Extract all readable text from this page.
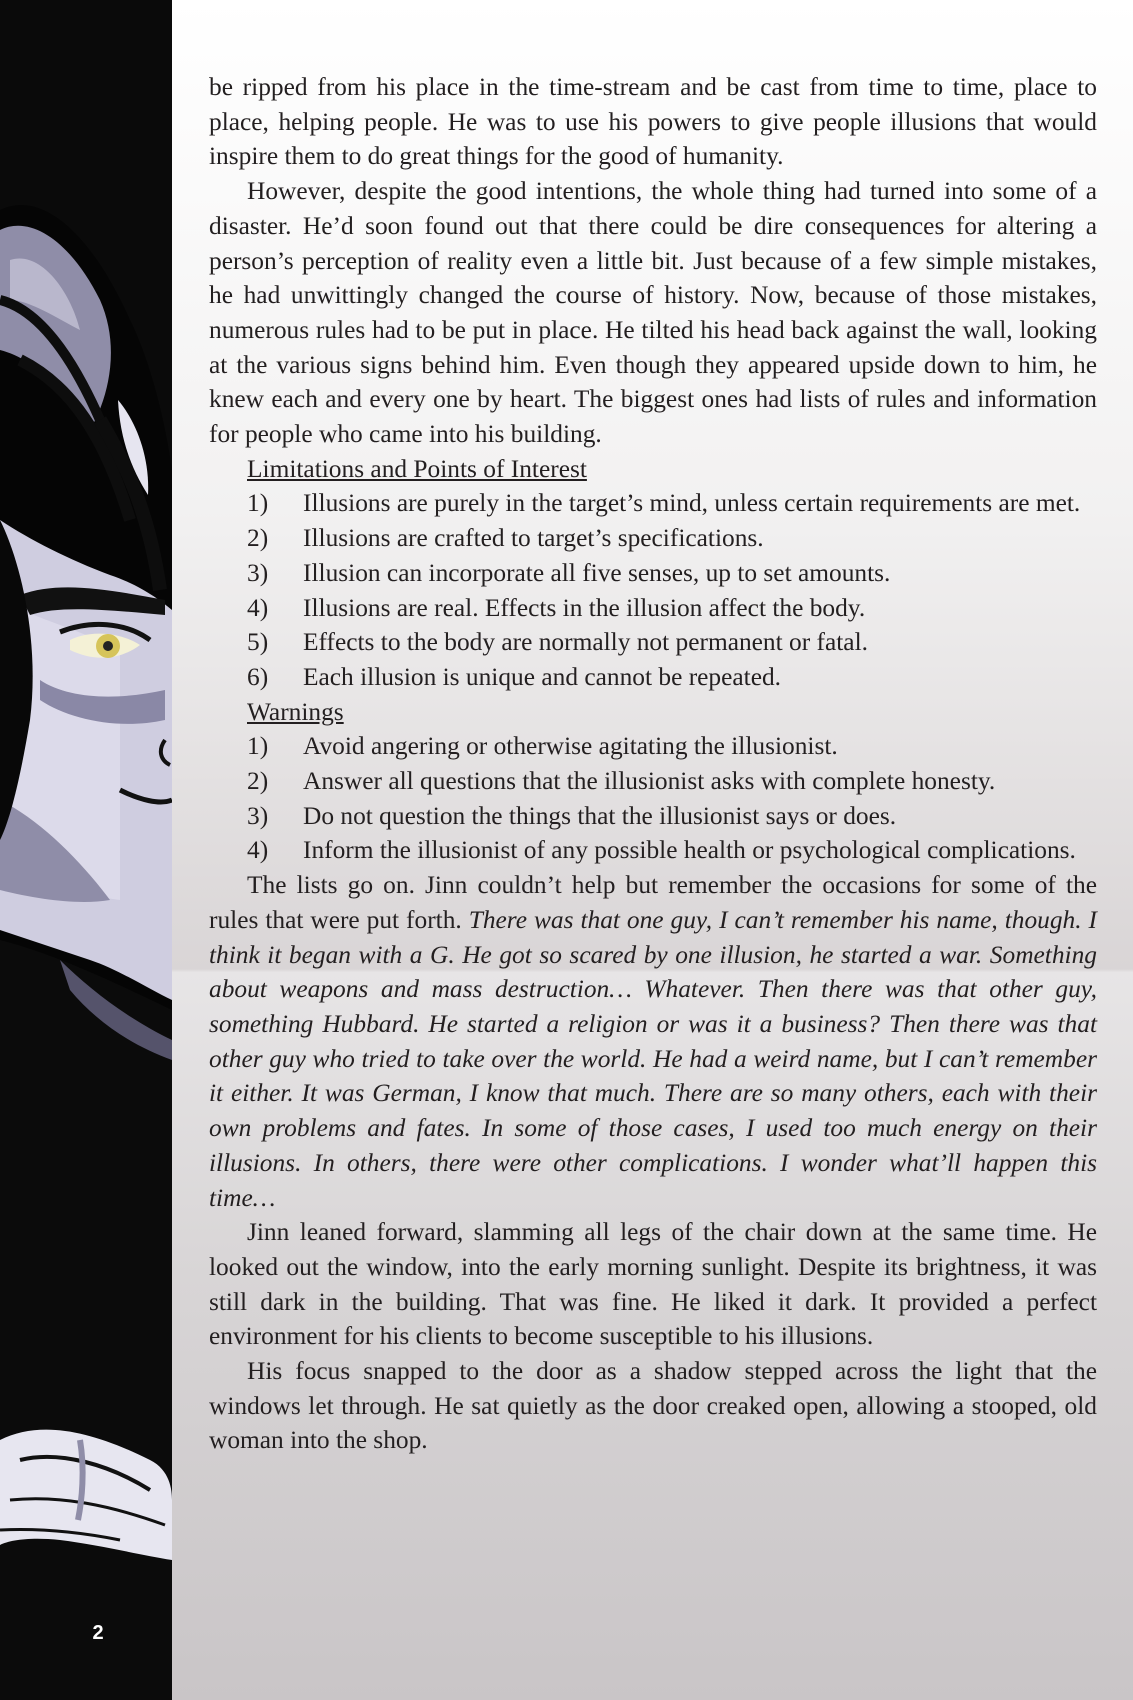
2

be ripped from his place in the time-stream and be cast from time to time, place to place, helping people. He was to use his powers to give people illusions that would inspire them to do great things for the good of humanity.

However, despite the good intentions, the whole thing had turned into some of a disaster. He’d soon found out that there could be dire consequences for altering a person’s perception of reality even a little bit. Just because of a few simple mistakes, he had unwittingly changed the course of history. Now, because of those mistakes, numerous rules had to be put in place. He tilted his head back against the wall, looking at the various signs behind him. Even though they appeared upside down to him, he knew each and every one by heart. The biggest ones had lists of rules and information for people who came into his building.

Limitations and Points of Interest

1) Illusions are purely in the target’s mind, unless certain requirements are met.

2) Illusions are crafted to target’s specifications.

3) Illusion can incorporate all five senses, up to set amounts.

4) Illusions are real. Effects in the illusion affect the body.

5) Effects to the body are normally not permanent or fatal.

6) Each illusion is unique and cannot be repeated.

Warnings

1) Avoid angering or otherwise agitating the illusionist.

2) Answer all questions that the illusionist asks with complete honesty.

3) Do not question the things that the illusionist says or does.

4) Inform the illusionist of any possible health or psychological complications.

The lists go on. Jinn couldn’t help but remember the occasions for some of the rules that were put forth. There was that one guy, I can’t remember his name, though. I think it began with a G. He got so scared by one illusion, he started a war. Something about weapons and mass destruction… Whatever. Then there was that other guy, something Hubbard. He started a religion or was it a business? Then there was that other guy who tried to take over the world. He had a weird name, but I can’t remember it either. It was German, I know that much. There are so many others, each with their own problems and fates. In some of those cases, I used too much energy on their illusions. In others, there were other complications. I wonder what’ll happen this time…

Jinn leaned forward, slamming all legs of the chair down at the same time. He looked out the window, into the early morning sunlight. Despite its brightness, it was still dark in the building. That was fine. He liked it dark. It provided a perfect environment for his clients to become susceptible to his illusions.

His focus snapped to the door as a shadow stepped across the light that the windows let through. He sat quietly as the door creaked open, allowing a stooped, old woman into the shop.
